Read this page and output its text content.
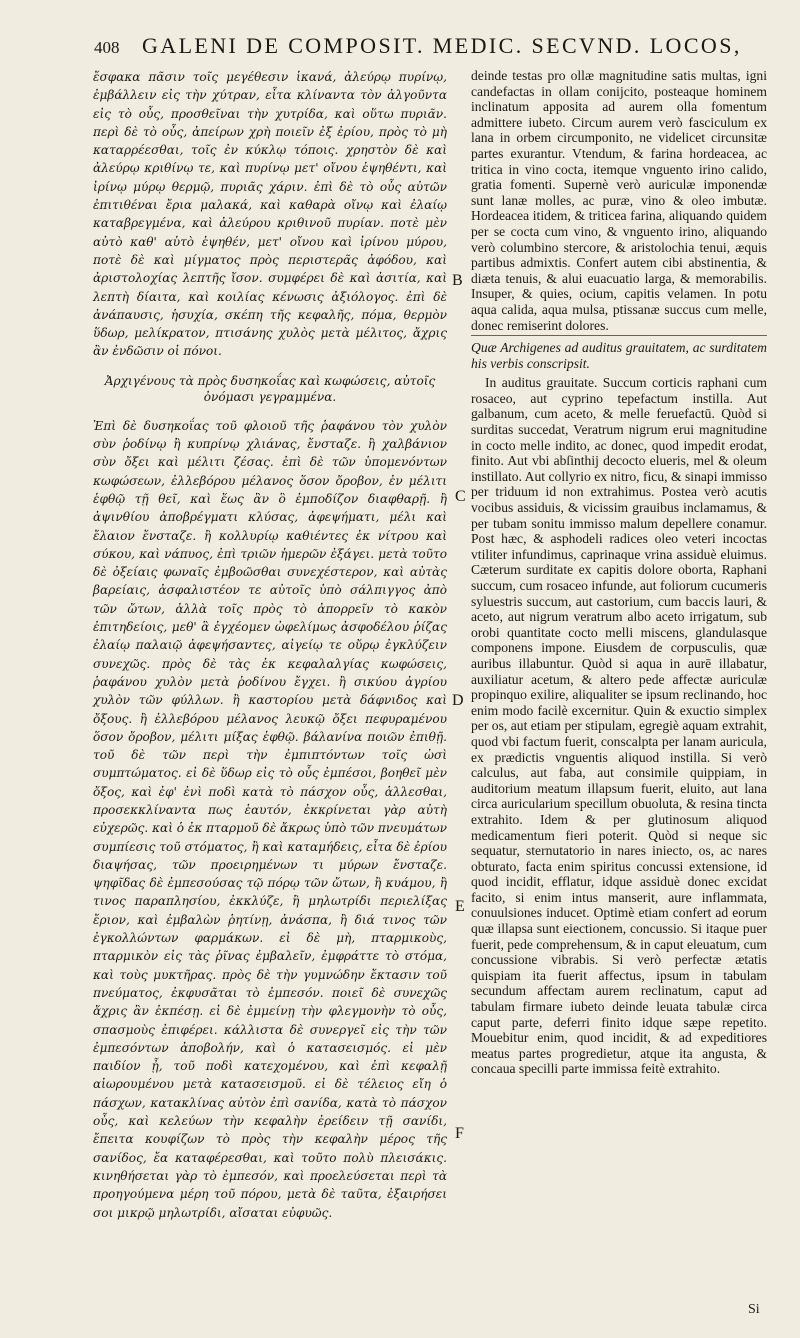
408 GALENI DE COMPOSIT. MEDIC. SECVND. LOCOS,

ἔσφακα πᾶσιν τοῖς μεγέθεσιν ἱκανά, ἀλεύρῳ πυρίνῳ, ἐμβάλλειν εἰς τὴν χύτραν, εἶτα κλίναντα τὸν ἀλγοῦντα εἰς τὸ οὖς, προσθεῖναι τὴν χυτρίδα, καὶ οὕτω πυριᾶν. περὶ δὲ τὸ οὖς, ἀπείρων χρὴ ποιεῖν ἐξ ἐρίου, πρὸς τὸ μὴ καταρρέεσθαι, τοῖς ἐν κύκλῳ τόποις. χρηστὸν δὲ καὶ ἀλεύρῳ κριθίνῳ τε, καὶ πυρίνῳ μετ' οἴνου ἑψηθέντι, καὶ ἰρίνῳ μύρῳ θερμῷ, πυριᾶς χάριν. ἐπὶ δὲ τὸ οὖς αὐτῶν ἐπιτιθέναι ἔρια μαλακά, καὶ καθαρὰ οἴνῳ καὶ ἐλαίῳ καταβρεγμένα, καὶ ἀλεύρου κριθινοῦ πυρίαν. ποτὲ μὲν αὐτὸ καθ' αὑτὸ ἑψηθέν, μετ' οἴνου καὶ ἰρίνου μύρου, ποτὲ δὲ καὶ μίγματος πρὸς περιστερᾶς ἀφόδου, καὶ ἀριστολοχίας λεπτῆς ἴσον. συμφέρει δὲ καὶ ἀσιτία, καὶ λεπτὴ δίαιτα, καὶ κοιλίας κένωσις ἀξιόλογος. ἐπὶ δὲ ἀνάπαυσις, ἡσυχία, σκέπη τῆς κεφαλῆς, πόμα, θερμὸν ὕδωρ, μελίκρατον, πτισάνης χυλὸς μετὰ μέλιτος, ἄχρις ἂν ἐνδῶσιν οἱ πόνοι.

Ἀρχιγένους τὰ πρὸς δυσηκοΐας καὶ κωφώσεις, αὐτοῖς ὀνόμασι γεγραμμένα.

Ἐπὶ δὲ δυσηκοΐας τοῦ φλοιοῦ τῆς ῥαφάνου τὸν χυλὸν σὺν ῥοδίνῳ ἢ κυπρίνῳ χλιάνας, ἔνσταζε. ἢ χαλβάνιον σὺν ὄξει καὶ μέλιτι ζέσας. ἐπὶ δὲ τῶν ὑπομενόντων κωφώσεων, ἐλλεβόρου μέλανος ὅσον ὄροβον, ἐν μέλιτι ἑφθῷ τῇ θεῖ, καὶ ἕως ἂν ὃ ἐμποδίζον διαφθαρῇ. ἢ ἀψινθίου ἀποβρέγματι κλύσας, ἀφεψήματι, μέλι καὶ ἔλαιον ἔνσταζε. ἢ κολλυρίῳ καθιέντες ἐκ νίτρου καὶ σύκου, καὶ νάπυος, ἐπὶ τριῶν ἡμερῶν ἐξάγει. μετὰ τοῦτο δὲ ὀξείαις φωναῖς ἐμβοῶσθαι συνεχέστερον, καὶ αὐτὰς βαρείαις, ἀσφαλιστέον τε αὐτοῖς ὑπὸ σάλπιγγος ἀπὸ τῶν ὤτων, ἀλλὰ τοῖς πρὸς τὸ ἀπορρεῖν τὸ κακὸν ἐπιτηδείοις, μεθ' ἃ ἐγχέομεν ὠφελίμως ἀσφοδέλου ῥίζας ἐλαίῳ παλαιῷ ἀφεψήσαντες, αἰγείῳ τε οὔρῳ ἐγκλύζειν συνεχῶς. πρὸς δὲ τὰς ἐκ κεφαλαλγίας κωφώσεις, ῥαφάνου χυλὸν μετὰ ῥοδίνου ἔγχει. ἢ σικύου ἀγρίου χυλὸν τῶν φύλλων. ἢ καστορίου μετὰ δάφνιδος καὶ ὄξους. ἢ ἐλλεβόρου μέλανος λευκῷ ὄξει πεφυραμένου ὅσον ὄροβον, μέλιτι μίξας ἑφθῷ. βάλανίνα ποιῶν ἐπιθῇ. τοῦ δὲ τῶν περὶ τὴν ἐμπιπτόντων τοῖς ὠσὶ συμπτώματος. εἰ δὲ ὕδωρ εἰς τὸ οὖς ἐμπέσοι, βοηθεῖ μὲν ὄξος, καὶ ἐφ' ἐνὶ ποδὶ κατὰ τὸ πάσχον οὖς, ἁλλεσθαι, προσεκκλίναντα πως ἑαυτόν, ἐκκρίνεται γὰρ αὐτὴ εὐχερῶς. καὶ ὁ ἐκ πταρμοῦ δὲ ἄκρως ὑπὸ τῶν πνευμάτων συμπίεσις τοῦ στόματος, ἢ καὶ καταμήδεις, εἶτα δὲ ἐρίου διαψήσας, τῶν προειρημένων τι μύρων ἔνσταζε. ψηφῖδας δὲ ἐμπεσούσας τῷ πόρῳ τῶν ὤτων, ἢ κυάμου, ἢ τινος παραπλησίου, ἐκκλύζε, ἢ μηλωτρίδι περιελίξας ἔριον, καὶ ἐμβαλὼν ῥητίνῃ, ἀνάσπα, ἢ διά τινος τῶν ἐγκολλώντων φαρμάκων. εἰ δὲ μὴ, πταρμικοὺς, πταρμικὸν εἰς τὰς ῥῖνας ἐμβαλεῖν, ἐμφράττε τὸ στόμα, καὶ τοὺς μυκτῆρας. πρὸς δὲ τὴν γυμνώδην ἔκτασιν τοῦ πνεύματος, ἐκφυσᾶται τὸ ἐμπεσόν. ποιεῖ δὲ συνεχῶς ἄχρις ἂν ἐκπέσῃ. εἰ δὲ ἐμμείνῃ τὴν φλεγμονὴν τὸ οὖς, σπασμοὺς ἐπιφέρει. κάλλιστα δὲ συνεργεῖ εἰς τὴν τῶν ἐμπεσόντων ἀποβολήν, καὶ ὁ κατασεισμός. εἰ μὲν παιδίον ᾖ, τοῦ ποδὶ κατεχομένου, καὶ ἐπὶ κεφαλῇ αἰωρουμένου μετὰ κατασεισμοῦ. εἰ δὲ τέλειος εἴη ὁ πάσχων, κατακλίνας αὐτὸν ἐπὶ σανίδα, κατὰ τὸ πάσχον οὖς, καὶ κελεύων τὴν κεφαλὴν ἐρείδειν τῇ σανίδι, ἔπειτα κουφίζων τὸ πρὸς τὴν κεφαλὴν μέρος τῆς σανίδος, ἔα καταφέρεσθαι, καὶ τοῦτο πολὺ πλεισάκις. κινηθήσεται γὰρ τὸ ἐμπεσόν, καὶ προελεύσεται περὶ τὰ προηγούμενα μέρη τοῦ πόρου, μετὰ δὲ ταῦτα, ἐξαιρήσει σοι μικρῷ μηλωτρίδι, αἴσαται εὐφυῶς.

deinde testas pro ollæ magnitudine satis multas, igni candefactas in ollam conijcito, posteaque hominem inclinatum apposita ad aurem olla fomentum admittere iubeto. Circum aurem verò fasciculum ex lana in orbem circumponito, ne videlicet circunsitæ partes exurantur. Vtendum, & farina hordeacea, ac tritica in vino cocta, itemque vnguento irino calido, gratia fomenti. Supernè verò auriculæ imponendæ sunt lanæ molles, ac puræ, vino & oleo imbutæ. Hordeacea itidem, & triticea farina, aliquando quidem per se cocta cum vino, & vnguento irino, aliquando verò columbino stercore, & aristolochia tenui, æquis partibus admixtis. Confert autem cibi abstinentia, & diæta tenuis, & alui euacuatio larga, & memorabilis. Insuper, & quies, ocium, capitis velamen. In potu aqua calida, aqua mulsa, ptissanæ succus cum melle, donec remiserint dolores.

Quæ Archigenes ad auditus grauitatem, ac surditatem his verbis conscripsit.

In auditus grauitate. Succum corticis raphani cum rosaceo, aut cyprino tepefactum instilla. Aut galbanum, cum aceto, & melle feruefactū. Quòd si surditas succedat, Veratrum nigrum erui magnitudine in cocto melle indito, ac donec, quod impedit erodat, finito. Aut vbi abſinthij decocto elueris, mel & oleum instillato. Aut collyrio ex nitro, ficu, & sinapi immisso per triduum id non extrahimus. Postea verò acutis vocibus assiduis, & vicissim grauibus inclamamus, & per tubam sonitu immisso malum depellere conamur. Post hæc, & asphodeli radices oleo veteri incoctas vtiliter infundimus, caprinaque vrina assiduè eluimus. Cæterum surditate ex capitis dolore oborta, Raphani succum, cum rosaceo infunde, aut foliorum cucumeris syluestris succum, aut castorium, cum baccis lauri, & aceto, aut nigrum veratrum albo aceto irrigatum, sub orobi quantitate cocto melli miscens, glandulasque componens impone. Eiusdem de corpusculis, quæ auribus illabuntur. Quòd si aqua in aurē illabatur, auxiliatur acetum, & altero pede affectæ auriculæ propinquo exilire, aliqualiter se ipsum reclinando, hoc enim modo facilè excernitur. Quin & exuctio simplex per os, aut etiam per stipulam, egregiè aquam extrahit, quod vbi factum fuerit, conscalpta per lanam auricula, ex prædictis vnguentis aliquod instilla. Si verò calculus, aut faba, aut consimile quippiam, in auditorium meatum illapsum fuerit, eluito, aut lana circa auricularium specillum obuoluta, & resina tincta extrahito. Idem & per glutinosum aliquod medicamentum fieri poterit. Quòd si neque sic sequatur, sternutatorio in nares iniecto, os, ac nares obturato, facta enim spiritus concussi extensione, id quod incidit, efflatur, idque assiduè donec excidat facito, si enim intus manserit, aure inflammata, conuulsiones inducet. Optimè etiam confert ad eorum quæ illapsa sunt eiectionem, concussio. Si itaque puer fuerit, pede comprehensum, & in caput eleuatum, cum concussione vibrabis. Si verò perfectæ ætatis quispiam ita fuerit affectus, ipsum in tabulam secundum affectam aurem reclinatum, caput ad tabulam firmare iubeto deinde leuata tabulæ circa caput parte, deferri finito idque sæpe repetito. Mouebitur enim, quod incidit, & ad expeditiores meatus partes progredietur, atque ita angusta, & concaua specilli parte immissa feitè extrahito.

B
C
D
E
F
Si
